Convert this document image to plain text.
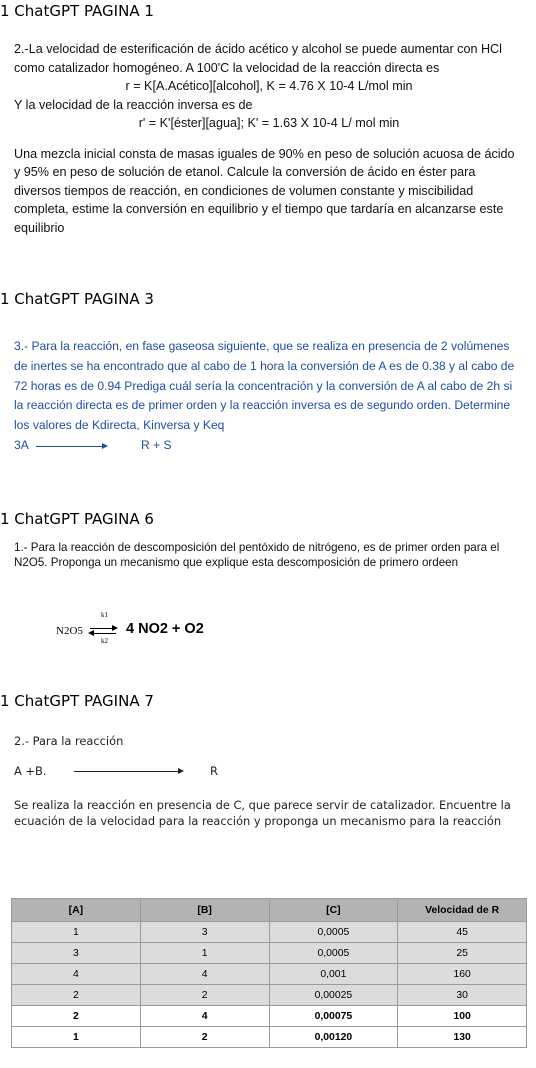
1 ChatGPT PAGINA 1
2.-La velocidad de esterificación de ácido acético y alcohol se puede aumentar con HCl como catalizador homogéneo. A 100'C la velocidad de la reacción directa es
r = K[A.Acético][alcohol], K = 4.76 X 10-4 L/mol min
Y la velocidad de la reacción inversa es de
r' = K'[éster][agua]; K' = 1.63 X 10-4 L/ mol min
Una mezcla inicial consta de masas iguales de 90% en peso de solución acuosa de ácido y 95% en peso de solución de etanol. Calcule la conversión de ácido en éster para diversos tiempos de reacción, en condiciones de volumen constante y miscibilidad completa, estime la conversión en equilibrio y el tiempo que tardaría en alcanzarse este equilibrio
1 ChatGPT PAGINA 3
3.- Para la reacción, en fase gaseosa siguiente, que se realiza en presencia de 2 volúmenes de inertes se ha encontrado que al cabo de 1 hora la conversión de A es de 0.38 y al cabo de 72 horas es de 0.94 Prediga cuál sería la concentración y la conversión de A al cabo de 2h si la reacción directa es de primer orden y la reacción inversa es de segundo orden. Determine los valores de Kdirecta, Kinversa y Keq
3A	R + S
1 ChatGPT PAGINA 6
1.- Para la reacción de descomposición del pentóxido de nitrógeno, es de primer orden para el N2O5. Proponga un mecanismo que explique esta descomposición de primero ordeen
N2O5
k1
k2
4 NO2 + O2
1 ChatGPT PAGINA 7
2.- Para la reacción
A +B.	R
Se realiza la reacción en presencia de C, que parece servir de catalizador. Encuentre la ecuación de la velocidad para la reacción y proponga un mecanismo para la reacción
[A]	[B]	[C]	Velocidad de R
1	3	0,0005	45
3	1	0,0005	25
4	4	0,001	160
2	2	0,00025	30
2	4	0,00075	100
1	2	0,00120	130
